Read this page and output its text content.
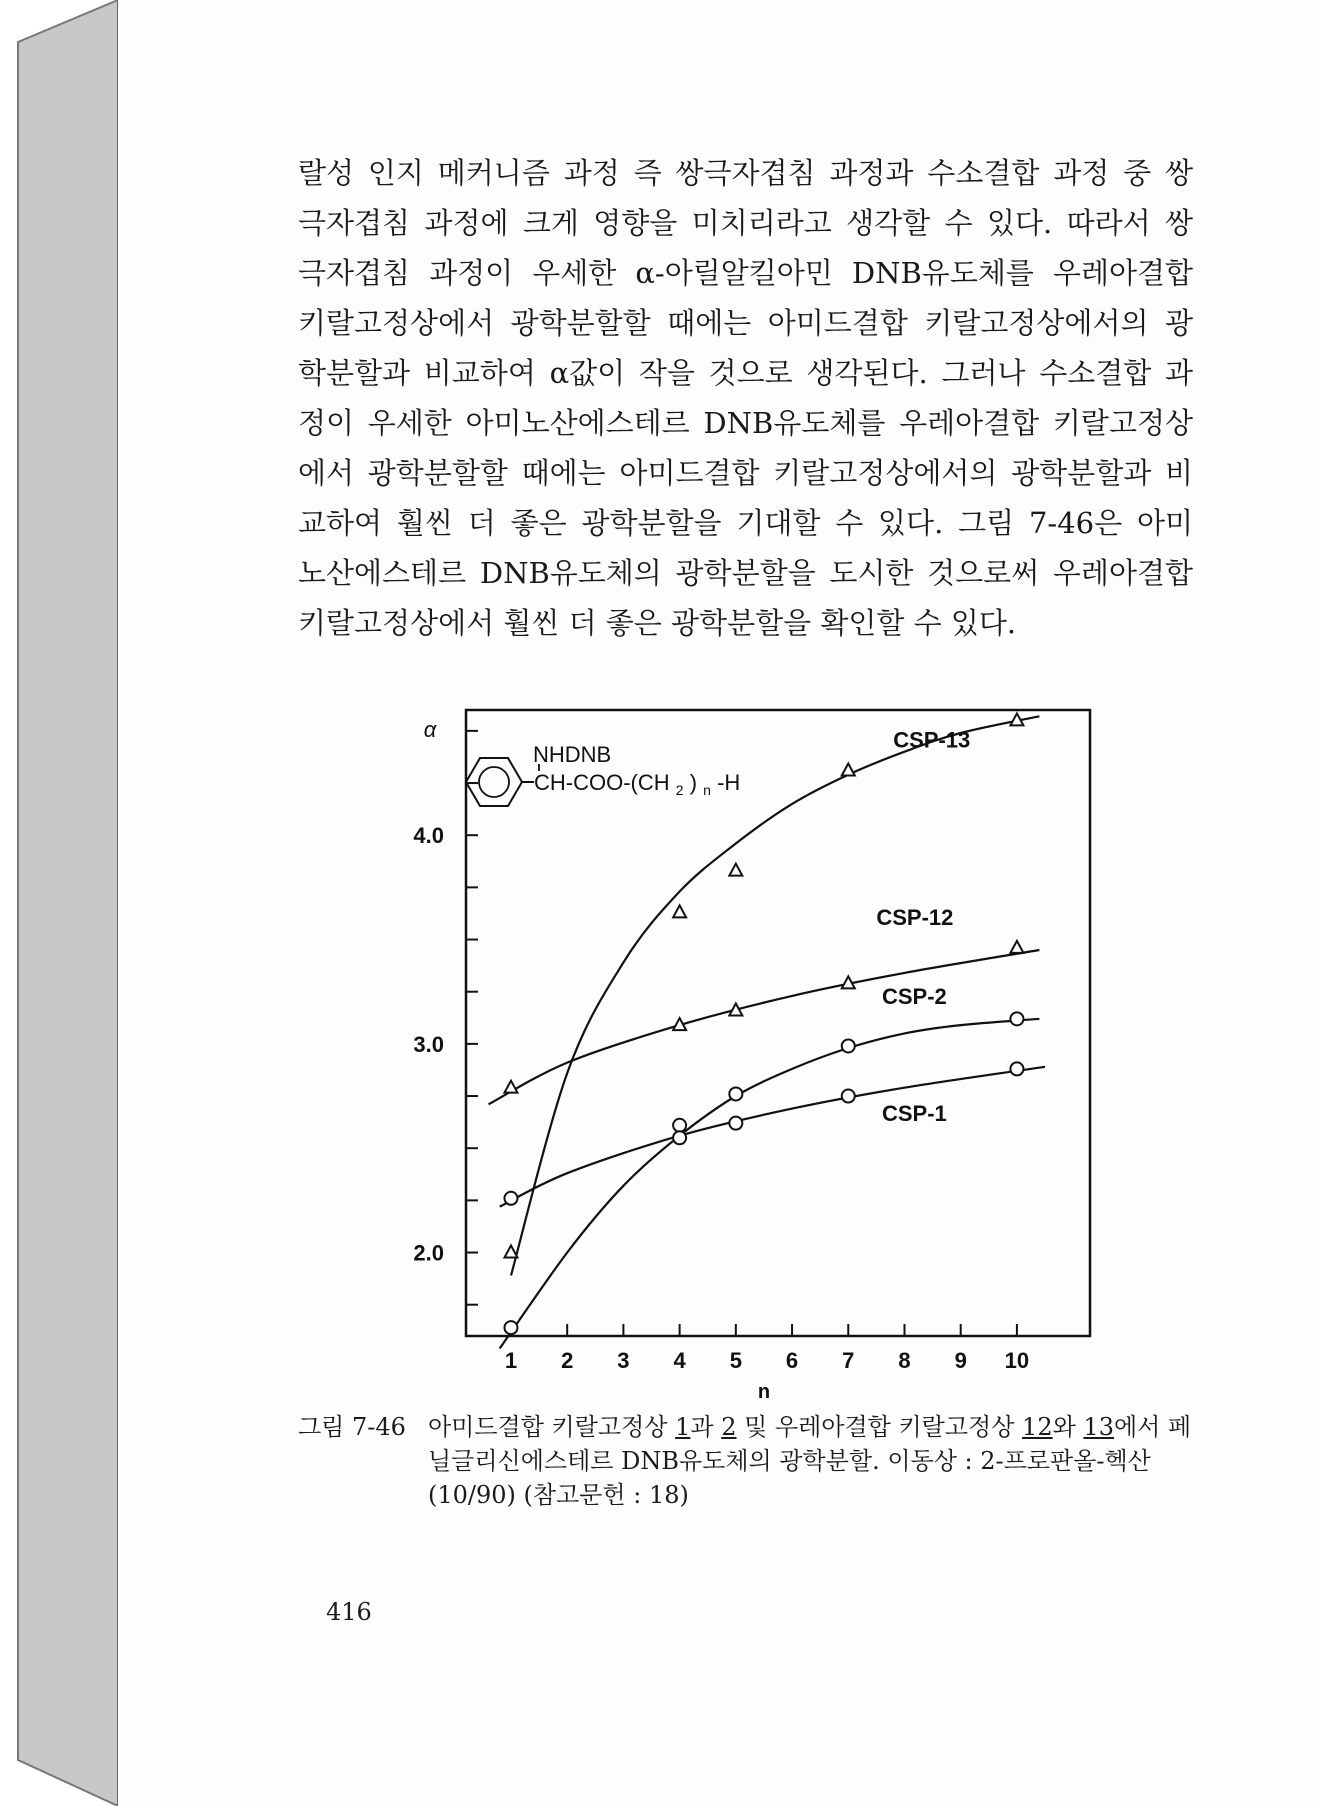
랄성 인지 메커니즘 과정 즉 쌍극자겹침 과정과 수소결합 과정 중 쌍
극자겹침 과정에 크게 영향을 미치리라고 생각할 수 있다. 따라서 쌍
극자겹침 과정이 우세한 α-아릴알킬아민 DNB유도체를 우레아결합
키랄고정상에서 광학분할할 때에는 아미드결합 키랄고정상에서의 광
학분할과 비교하여 α값이 작을 것으로 생각된다. 그러나 수소결합 과
정이 우세한 아미노산에스테르 DNB유도체를 우레아결합 키랄고정상
에서 광학분할할 때에는 아미드결합 키랄고정상에서의 광학분할과 비
교하여 훨씬 더 좋은 광학분할을 기대할 수 있다. 그림 7-46은 아미
노산에스테르 DNB유도체의 광학분할을 도시한 것으로써 우레아결합
키랄고정상에서 훨씬 더 좋은 광학분할을 확인할 수 있다.
NHDNB
CH-COO-(CH $_2$ ) $_n$ -H
1 2 3 4 5 6 7 8 9 10
2.0
3.0
4.0
n
α	CSP-13
CSP-12
CSP-2
CSP-1
그림 7-46 아미드결합 키랄고정상 1과 2 및 우레아결합 키랄고정상 12와 13에서 페닐글리신에스테르 DNB유도체의 광학분할. 이동상 : 2-프로판올-헥산(10/90) (참고문헌 : 18)
416
